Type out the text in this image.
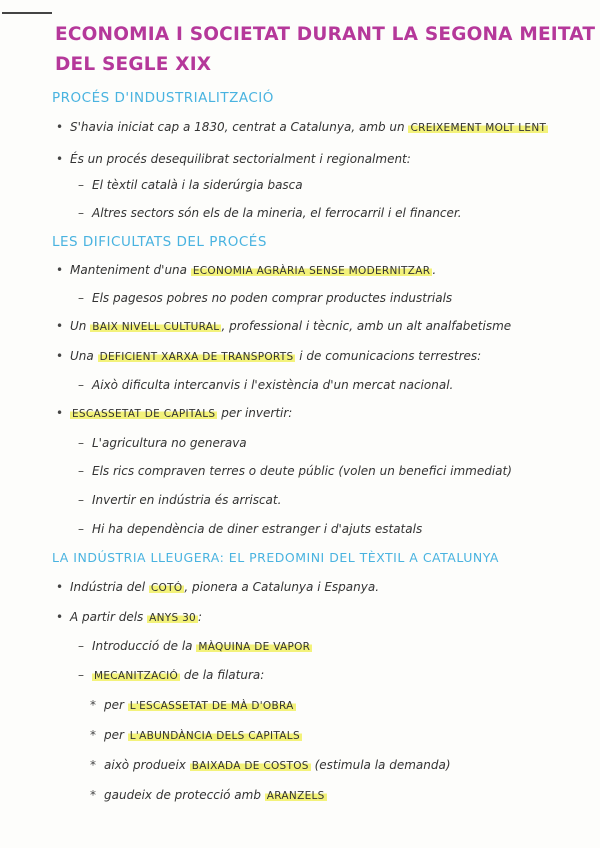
ECONOMIA I SOCIETAT DURANT LA SEGONA MEITAT
DEL SEGLE XIX
PROCÉS D'INDUSTRIALITZACIÓ
• S'havia iniciat cap a 1830, centrat a Catalunya, amb un CREIXEMENT MOLT LENT
• És un procés desequilibrat sectorialment i regionalment:
– El tèxtil català i la siderúrgia basca
– Altres sectors són els de la mineria, el ferrocarril i el financer.
LES DIFICULTATS DEL PROCÉS
• Manteniment d'una ECONOMIA AGRÀRIA SENSE MODERNITZAR .
– Els pagesos pobres no poden comprar productes industrials
• Un BAIX NIVELL CULTURAL , professional i tècnic, amb un alt analfabetisme
• Una DEFICIENT XARXA DE TRANSPORTS i de comunicacions terrestres:
– Això dificulta intercanvis i l'existència d'un mercat nacional.
• ESCASSETAT DE CAPITALS per invertir:
– L'agricultura no generava
– Els rics compraven terres o deute públic (volen un benefici immediat)
– Invertir en indústria és arriscat.
– Hi ha dependència de diner estranger i d'ajuts estatals
LA INDÚSTRIA LLEUGERA: EL PREDOMINI DEL TÈXTIL A CATALUNYA
• Indústria del COTÓ , pionera a Catalunya i Espanya.
• A partir dels ANYS 30 :
– Introducció de la MÀQUINA DE VAPOR
– MECANITZACIÓ de la filatura:
* per L'ESCASSETAT DE MÀ D'OBRA
* per L'ABUNDÀNCIA DELS CAPITALS
* això produeix BAIXADA DE COSTOS (estimula la demanda)
* gaudeix de protecció amb ARANZELS
